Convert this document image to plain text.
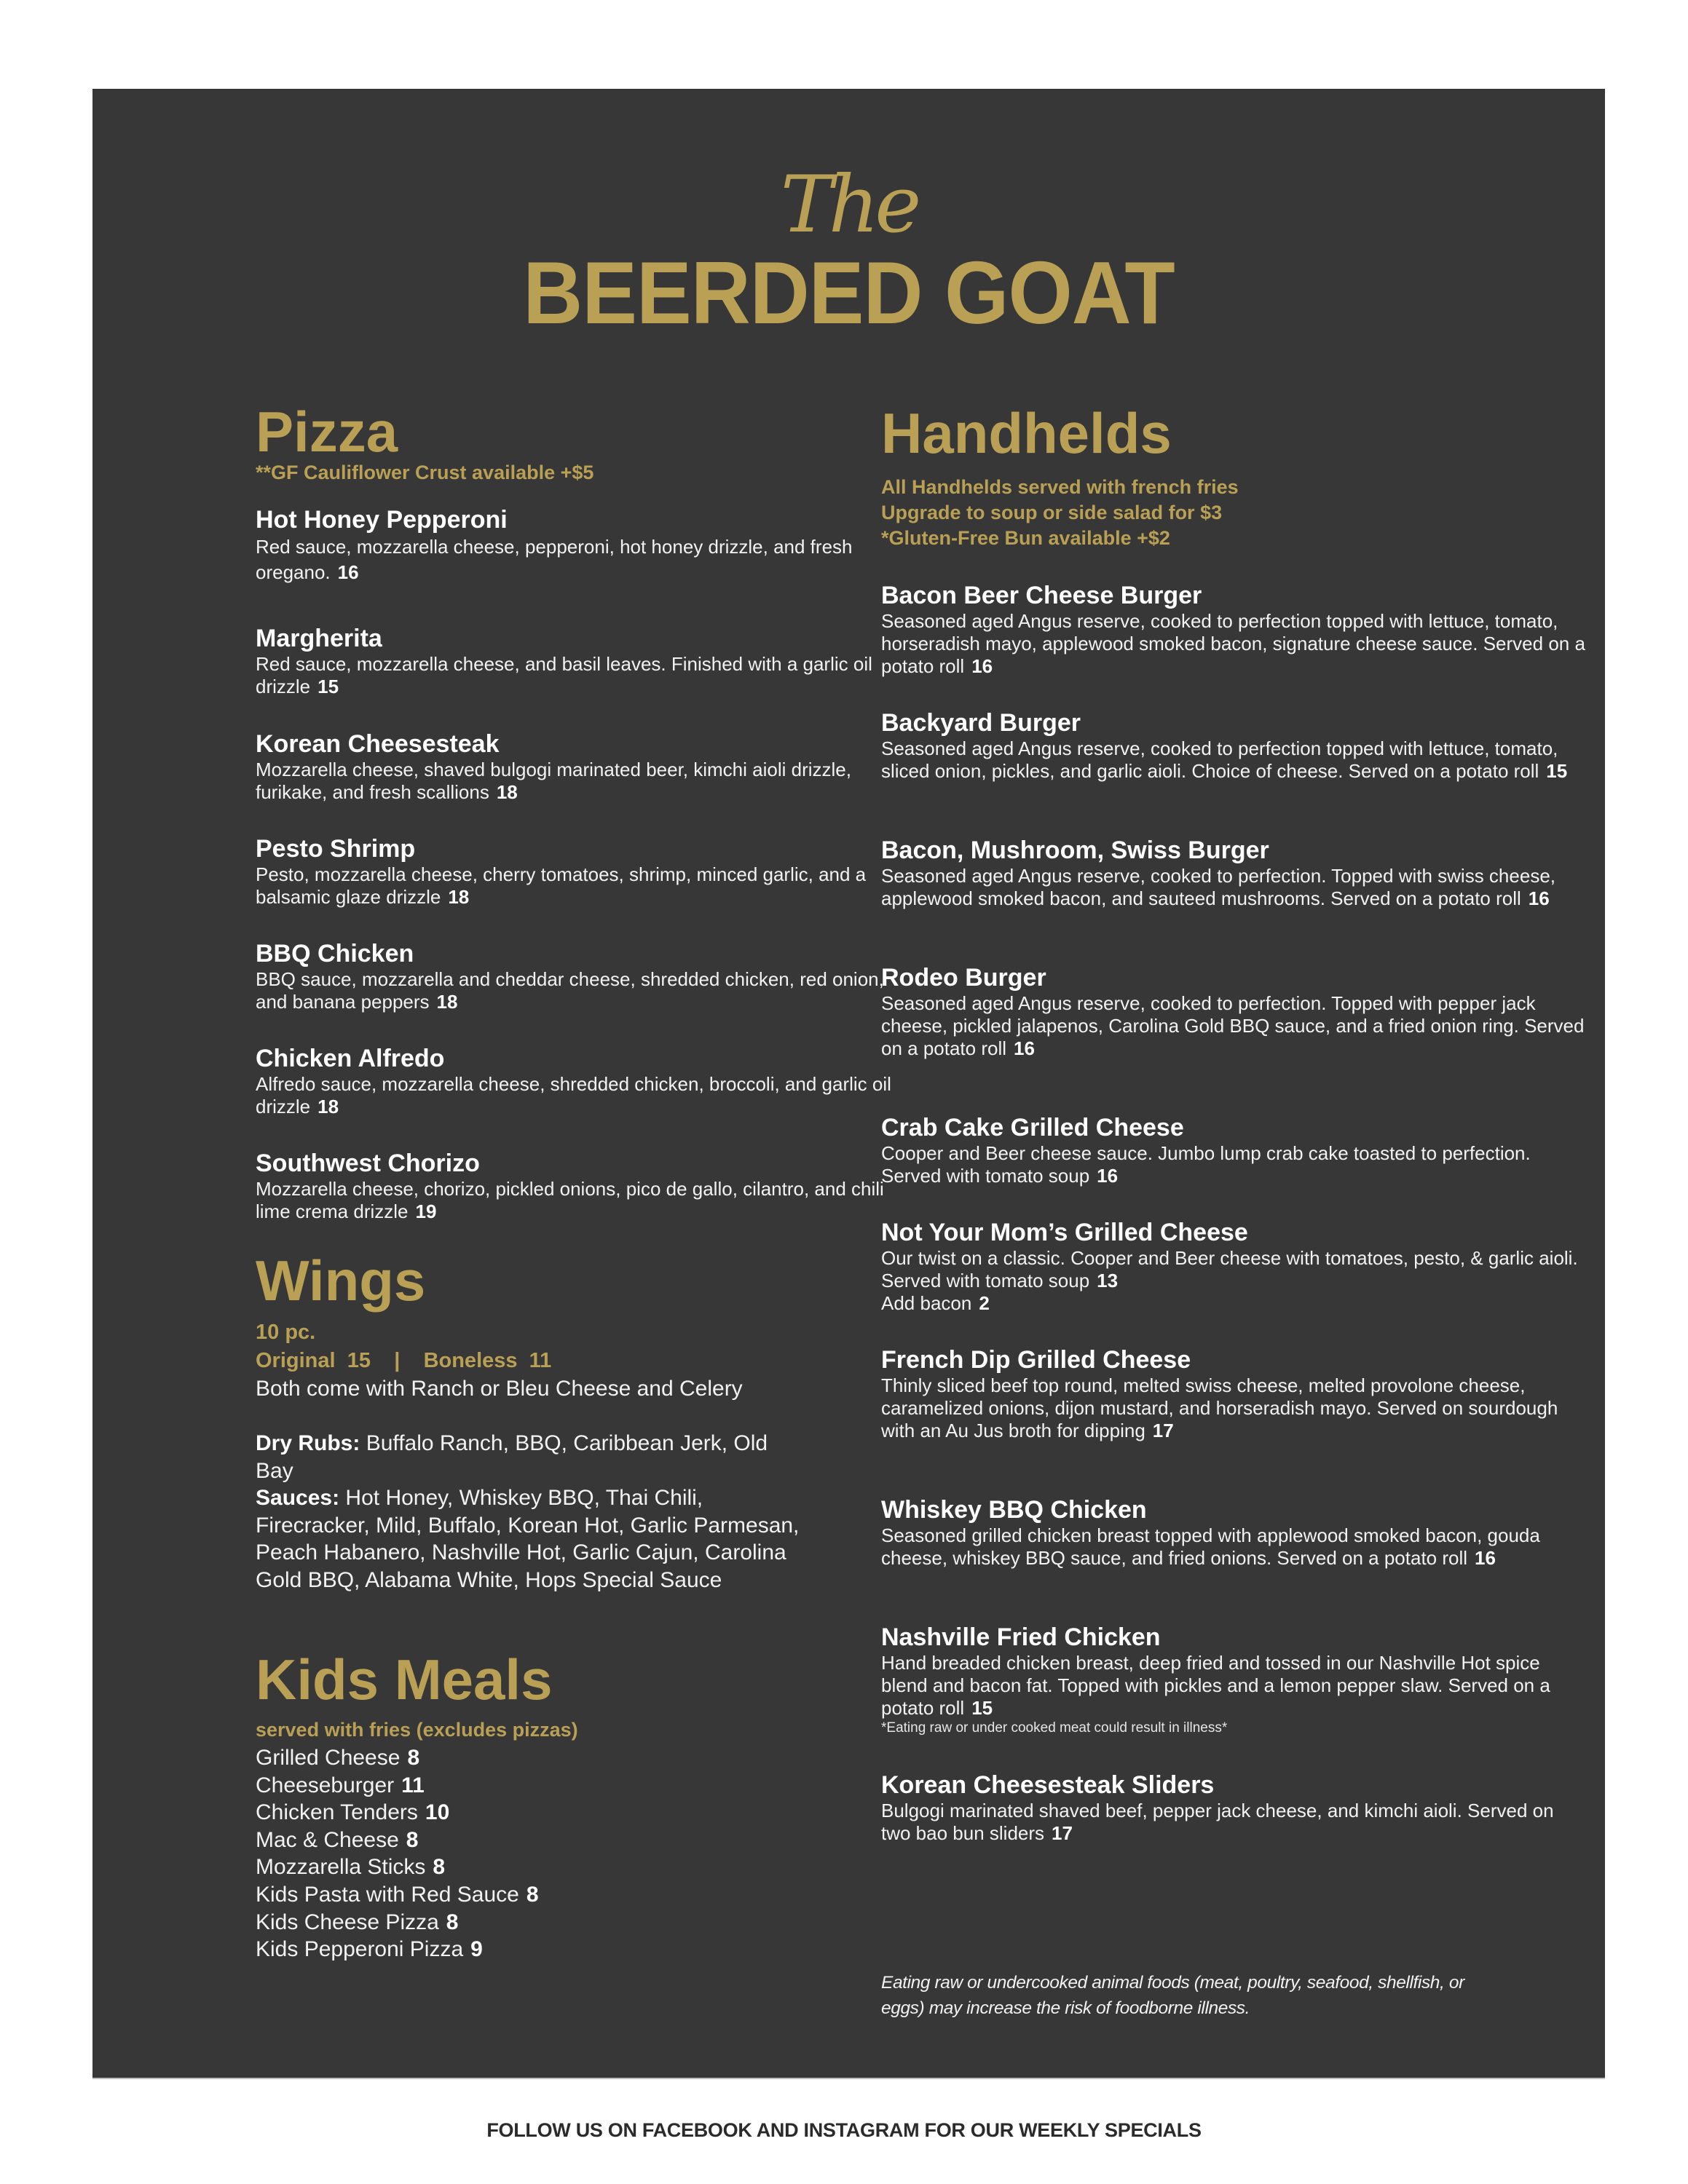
The
BEERDED GOAT
Pizza
**GF Cauliflower Crust available +$5
Hot Honey Pepperoni
Red sauce, mozzarella cheese, pepperoni, hot honey drizzle, and fresh oregano. 16
Margherita
Red sauce, mozzarella cheese, and basil leaves. Finished with a garlic oil drizzle 15
Korean Cheesesteak
Mozzarella cheese, shaved bulgogi marinated beer, kimchi aioli drizzle, furikake, and fresh scallions 18
Pesto Shrimp
Pesto, mozzarella cheese, cherry tomatoes, shrimp, minced garlic, and a balsamic glaze drizzle 18
BBQ Chicken
BBQ sauce, mozzarella and cheddar cheese, shredded chicken, red onion, and banana peppers 18
Chicken Alfredo
Alfredo sauce, mozzarella cheese, shredded chicken, broccoli, and garlic oil drizzle 18
Southwest Chorizo
Mozzarella cheese, chorizo, pickled onions, pico de gallo, cilantro, and chili lime crema drizzle 19
Wings
10 pc.
Original 15 | Boneless 11
Both come with Ranch or Bleu Cheese and Celery
Dry Rubs: Buffalo Ranch, BBQ, Caribbean Jerk, Old Bay
Sauces: Hot Honey, Whiskey BBQ, Thai Chili, Firecracker, Mild, Buffalo, Korean Hot, Garlic Parmesan, Peach Habanero, Nashville Hot, Garlic Cajun, Carolina Gold BBQ, Alabama White, Hops Special Sauce
Kids Meals
served with fries (excludes pizzas)
Grilled Cheese 8
Cheeseburger 11
Chicken Tenders 10
Mac & Cheese 8
Mozzarella Sticks 8
Kids Pasta with Red Sauce 8
Kids Cheese Pizza 8
Kids Pepperoni Pizza 9
Handhelds
All Handhelds served with french fries
Upgrade to soup or side salad for $3
*Gluten-Free Bun available +$2
Bacon Beer Cheese Burger
Seasoned aged Angus reserve, cooked to perfection topped with lettuce, tomato, horseradish mayo, applewood smoked bacon, signature cheese sauce. Served on a potato roll 16
Backyard Burger
Seasoned aged Angus reserve, cooked to perfection topped with lettuce, tomato, sliced onion, pickles, and garlic aioli. Choice of cheese. Served on a potato roll 15
Bacon, Mushroom, Swiss Burger
Seasoned aged Angus reserve, cooked to perfection. Topped with swiss cheese, applewood smoked bacon, and sauteed mushrooms. Served on a potato roll 16
Rodeo Burger
Seasoned aged Angus reserve, cooked to perfection. Topped with pepper jack cheese, pickled jalapenos, Carolina Gold BBQ sauce, and a fried onion ring. Served on a potato roll 16
Crab Cake Grilled Cheese
Cooper and Beer cheese sauce. Jumbo lump crab cake toasted to perfection. Served with tomato soup 16
Not Your Mom’s Grilled Cheese
Our twist on a classic. Cooper and Beer cheese with tomatoes, pesto, & garlic aioli. Served with tomato soup 13
Add bacon 2
French Dip Grilled Cheese
Thinly sliced beef top round, melted swiss cheese, melted provolone cheese, caramelized onions, dijon mustard, and horseradish mayo. Served on sourdough with an Au Jus broth for dipping 17
Whiskey BBQ Chicken
Seasoned grilled chicken breast topped with applewood smoked bacon, gouda cheese, whiskey BBQ sauce, and fried onions. Served on a potato roll 16
Nashville Fried Chicken
Hand breaded chicken breast, deep fried and tossed in our Nashville Hot spice blend and bacon fat. Topped with pickles and a lemon pepper slaw. Served on a potato roll 15
*Eating raw or under cooked meat could result in illness*
Korean Cheesesteak Sliders
Bulgogi marinated shaved beef, pepper jack cheese, and kimchi aioli. Served on two bao bun sliders 17
Eating raw or undercooked animal foods (meat, poultry, seafood, shellfish, or eggs) may increase the risk of foodborne illness.
FOLLOW US ON FACEBOOK AND INSTAGRAM FOR OUR WEEKLY SPECIALS
